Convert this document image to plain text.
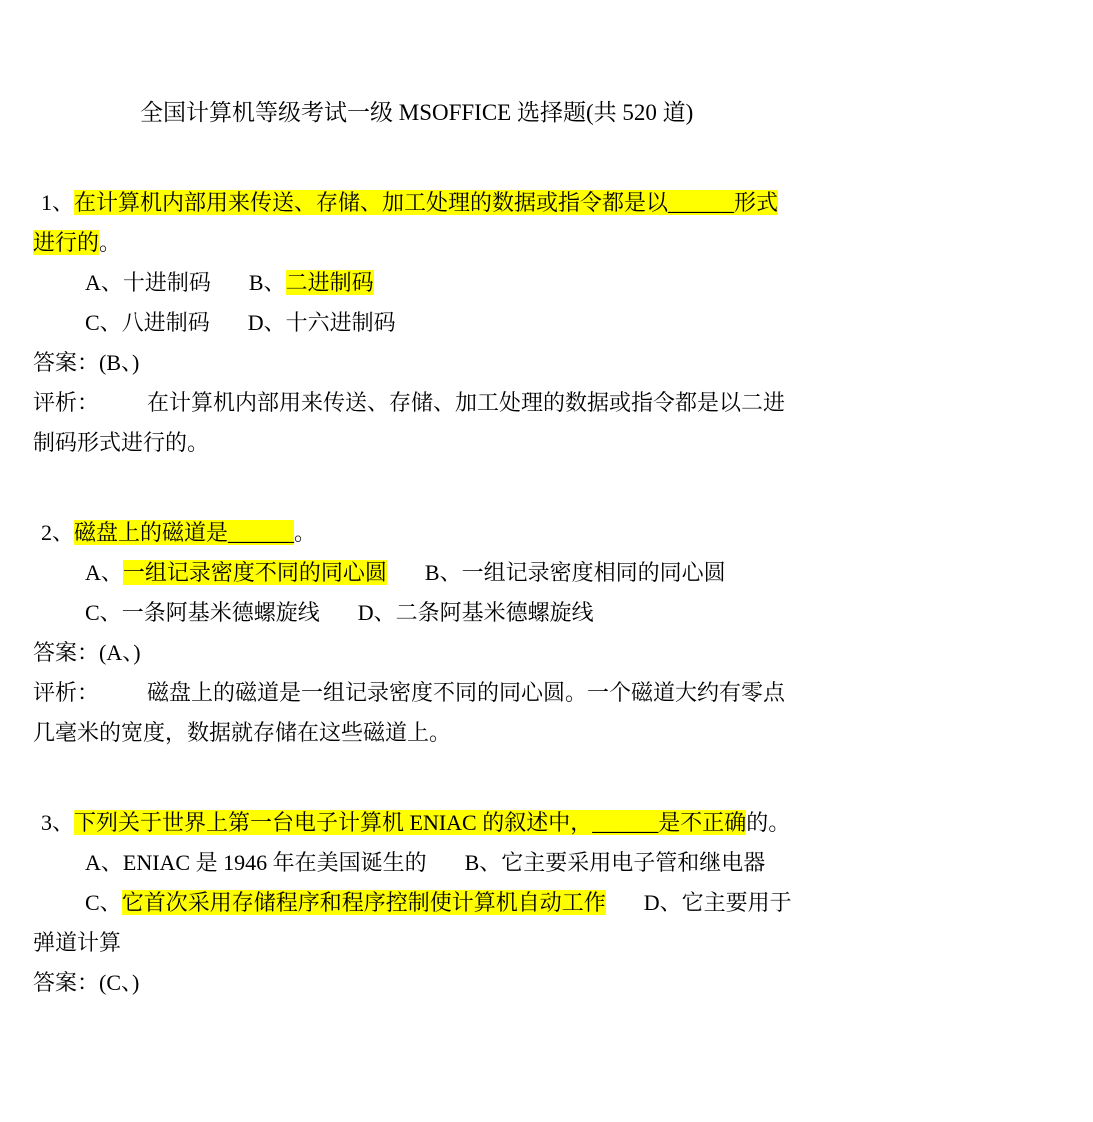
全国计算机等级考试一级 MSOFFICE 选择题(共 520 道)

1、在计算机内部用来传送、存储、加工处理的数据或指令都是以______形式进行的。

A、十进制码 B、二进制码

C、八进制码 D、十六进制码

答案：(B、)

评析： 在计算机内部用来传送、存储、加工处理的数据或指令都是以二进制码形式进行的。

2、磁盘上的磁道是______。

A、一组记录密度不同的同心圆 B、一组记录密度相同的同心圆

C、一条阿基米德螺旋线 D、二条阿基米德螺旋线

答案：(A、)

评析： 磁盘上的磁道是一组记录密度不同的同心圆。一个磁道大约有零点几毫米的宽度，数据就存储在这些磁道上。

3、下列关于世界上第一台电子计算机 ENIAC 的叙述中，______是不正确的。

A、ENIAC 是 1946 年在美国诞生的 B、它主要采用电子管和继电器

C、它首次采用存储程序和程序控制使计算机自动工作 D、它主要用于弹道计算

答案：(C、)
